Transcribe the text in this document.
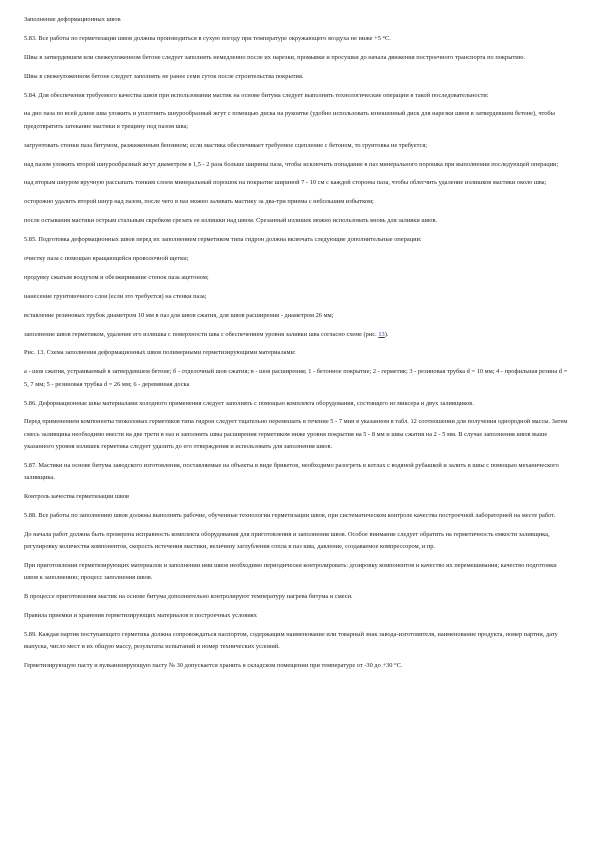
Заполнение деформационных швов

5.83. Все работы по герметизации швов должны производиться в сухую погоду при температуре окружающего воздуха не ниже +5 °С.

Швы в затвердевшем или свежеуложенном бетоне следует заполнять немедленно после их нарезки, промывки и просушки до начала движения построечного транспорта по покрытию.

Швы в свежеуложенном бетоне следует заполнять не ранее семи суток после строительства покрытия.

5.84. Для обеспечения требуемого качества швов при использовании мастик на основе битума следует выполнять технологические операции в такой последовательности:

на дно паза по всей длине шва уложить и уплотнить шнурообразный жгут с помощью диска на рукоятке (удобно использовать изношенный диск для нарезки швов в затвердевшем бетоне), чтобы предотвратить затекание мастики в трещину под пазом шва;

загрунтовать стенки паза битумом, разжиженным бензином; если мастика обеспечивает требуемое сцепление с бетоном, то грунтовка не требуется;

над пазом уложить второй шнурообразный жгут диаметром в 1,5 - 2 раза больше ширины паза, чтобы исключить попадание в паз минерального порошка при выполнении последующей операции;

над вторым шнуром вручную рассыпать тонким слоем минеральный порошок на покрытие шириной 7 - 10 см с каждой стороны паза, чтобы облегчить удаление излишков мастики около шва;

осторожно удалить второй шнур над пазом, после чего в паз можно заливать мастику за два-три приема с небольшим избытком;

после остывания мастики острым стальным скребком срезать ее излишки над швом. Срезанный излишек можно использовать вновь для заливки швов.

5.85. Подготовка деформационных швов перед их заполнением герметиком типа гидрон должна включать следующие дополнительные операции:

очистку паза с помощью вращающейся проволочной щетки;

продувку сжатым воздухом и обезжиривание стенок паза ацетоном;

нанесение грунтовочного слоя (если это требуется) на стенки паза;

вставление резиновых трубок диаметром 10 мм в паз для швов сжатия, для швов расширения - диаметром 26 мм;

заполнение швов герметиком, удаление его излишка с поверхности шва с обеспечением уровня заливки шва согласно схеме (рис. 13).

Рис. 13. Схема заполнения деформационных швов полимерными герметизирующими материалами:

а - шов сжатия, устраиваемый в затвердевшем бетоне; б - отделочный шов сжатия; в - шов расширения; 1 - бетонное покрытие; 2 - герметик; 3 - резиновая трубка d = 10 мм; 4 - профильная резина d = 5, 7 мм; 5 - резиновая трубка d = 26 мм; 6 - деревянная доска

5.86. Деформационные швы материалами холодного применения следует заполнять с помощью комплекта оборудования, состоящего из миксера и двух заливщиков.

Перед применением компоненты тиоколовых герметиков типа гидрон следует тщательно перемешать в течение 5 - 7 мин в указанном в табл. 12 соотношении для получения однородной массы. Затем смесь заливщика необходимо ввести на две трети в паз и заполнить швы расширения герметиком ниже уровня покрытия на 5 - 8 мм и швы сжатия на 2 - 5 мм. В случае заполнения швов выше указанного уровня излишек герметика следует удалить до его отверждения и использовать для заполнения швов.

5.87. Мастики на основе битума заводского изготовления, поставляемые на объекты в виде брикетов, необходимо разогреть в котлах с водяной рубашкой и залить в швы с помощью механического заливщика.

Контроль качества герметизации швов

5.88. Все работы по заполнению швов должны выполнять рабочие, обученные технологии герметизации швов, при систематическом контроле качества построечной лабораторией на месте работ.

До начала работ должна быть проверена исправность комплекта оборудования для приготовления и заполнения швов. Особое внимание следует обратить на герметичность емкости заливщика, регулировку количества компонентов, скорость истечения мастики, величину заглубления сопла в паз шва, давление, создаваемое компрессором, и пр.

При приготовлении герметизирующих материалов и заполнении ими швов необходимо периодически контролировать: дозировку компонентов и качество их перемешивания; качество подготовки швов к заполнению; процесс заполнения швов.

В процессе приготовления мастик на основе битума дополнительно контролируют температуру нагрева битума и смеси.

Правила приемки и хранения герметизирующих материалов в построечных условиях

5.89. Каждая партия поступающего герметика должна сопровождаться паспортом, содержащим наименование или товарный знак завода-изготовителя, наименование продукта, номер партии, дату выпуска, число мест и их общую массу, результаты испытаний и номер технических условий.

Герметизирующую пасту и вулканизирующую пасту № 30 допускается хранить в складском помещении при температуре от -30 до +30 °С.
